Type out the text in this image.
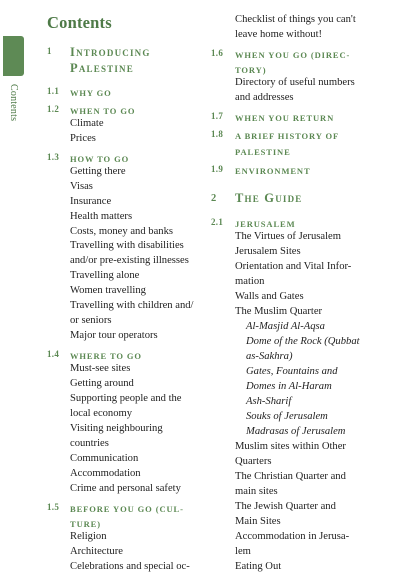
Contents
Contents
1 Introducing
Palestine
1.1 WHY GO
1.2 WHEN TO GO
Climate
Prices
1.3 HOW TO GO
Getting there
Visas
Insurance
Health matters
Costs, money and banks
Travelling with disabilities
and/or pre-existing illnesses
Travelling alone
Women travelling
Travelling with children and/
or seniors
Major tour operators
1.4 WHERE TO GO
Must-see sites
Getting around
Supporting people and the
local economy
Visiting neighbouring
countries
Communication
Accommodation
Crime and personal safety
1.5 BEFORE YOU GO (CUL-
TURE)
Religion
Architecture
Celebrations and special oc-
Checklist of things you can't
leave home without!
1.6 WHEN YOU GO (DIREC-
TORY)
Directory of useful numbers
and addresses
1.7 WHEN YOU RETURN
1.8 A BRIEF HISTORY OF
PALESTINE
1.9 ENVIRONMENT
2 The Guide
2.1 JERUSALEM
The Virtues of Jerusalem
Jerusalem Sites
Orientation and Vital Infor-
mation
Walls and Gates
The Muslim Quarter
Al-Masjid Al-Aqsa
Dome of the Rock (Qubbat
as-Sakhra)
Gates, Fountains and
Domes in Al-Haram
Ash-Sharif
Souks of Jerusalem
Madrasas of Jerusalem
Muslim sites within Other
Quarters
The Christian Quarter and
main sites
The Jewish Quarter and
Main Sites
Accommodation in Jerusa-
lem
Eating Out
